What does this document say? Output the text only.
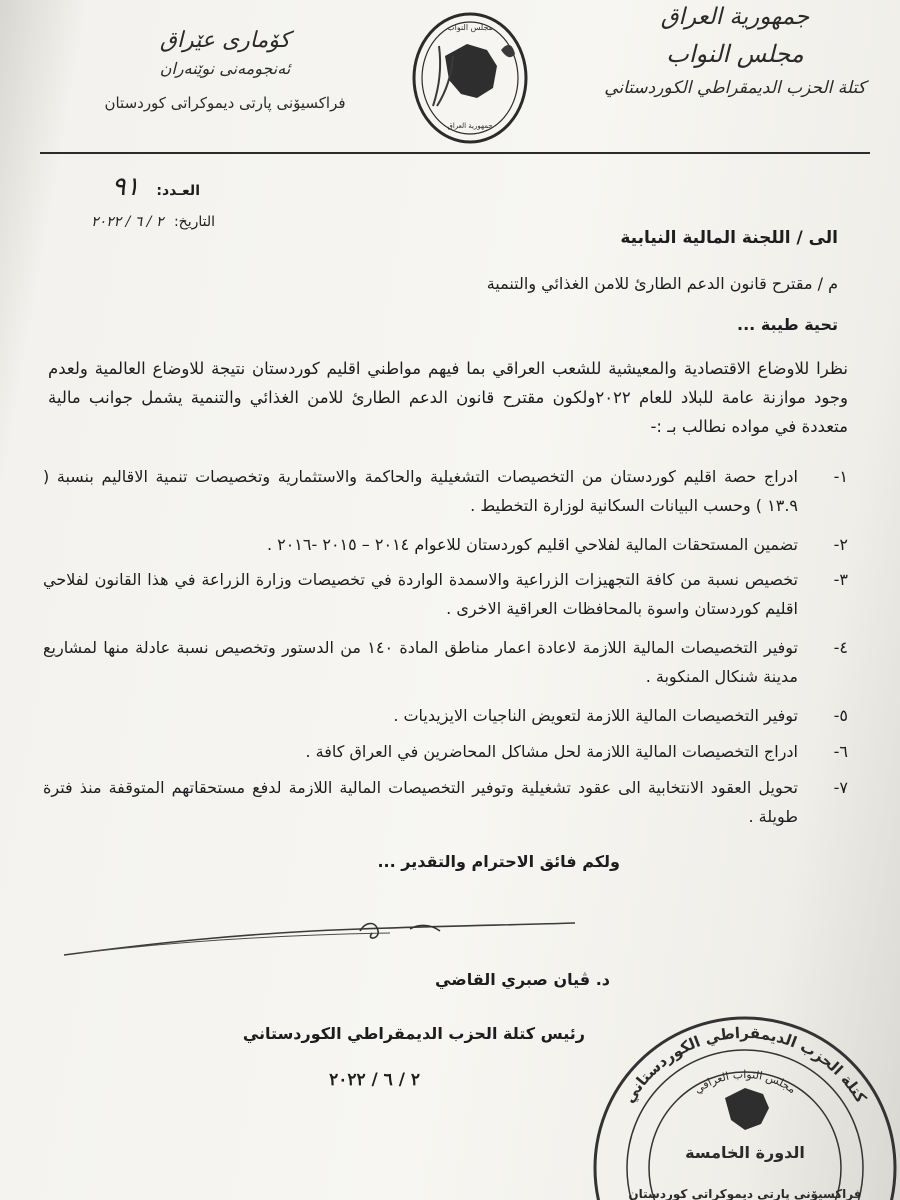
جمهورية العراق
مجلس النواب
كتلة الحزب الديمقراطي الكوردستاني
مجلس النواب
جمهورية العراق
كۆماری عێراق
ئەنجومەنی نوێنەران
فراكسيۆنى پارتى ديموكراتى كوردستان
العـدد: ٩١
التاريخ: ٢ / ٦ / ٢٠٢٢
الى / اللجنة المالية النيابية
م / مقترح قانون الدعم الطارئ للامن الغذائي والتنمية
تحية طيبة ...
نظرا للاوضاع الاقتصادية والمعيشية للشعب العراقي بما فيهم مواطني اقليم كوردستان نتيجة للاوضاع العالمية ولعدم وجود موازنة عامة للبلاد للعام ٢٠٢٢ولكون مقترح قانون الدعم الطارئ للامن الغذائي والتنمية يشمل جوانب مالية متعددة في مواده نطالب بـ :-
١-
ادراج حصة اقليم كوردستان من التخصيصات التشغيلية والحاكمة والاستثمارية وتخصيصات تنمية الاقاليم بنسبة ( ١٣.٩ ) وحسب البيانات السكانية لوزارة التخطيط .
٢-
تضمين المستحقات المالية لفلاحي اقليم كوردستان للاعوام ٢٠١٤ – ٢٠١٥ -٢٠١٦ .
٣-
تخصيص نسبة من كافة التجهيزات الزراعية والاسمدة الواردة في تخصيصات وزارة الزراعة في هذا القانون لفلاحي اقليم كوردستان واسوة بالمحافظات العراقية الاخرى .
٤-
توفير التخصيصات المالية اللازمة لاعادة اعمار مناطق المادة ١٤٠ من الدستور وتخصيص نسبة عادلة منها لمشاريع مدينة شنكال المنكوبة .
٥-
توفير التخصيصات المالية اللازمة لتعويض الناجيات الايزيديات .
٦-
ادراج التخصيصات المالية اللازمة لحل مشاكل المحاضرين في العراق كافة .
٧-
تحويل العقود الانتخابية الى عقود تشغيلية وتوفير التخصيصات المالية اللازمة لدفع مستحقاتهم المتوقفة منذ فترة طويلة .
ولكم فائق الاحترام والتقدير ...
د. ڤيان صبري القاضي
رئيس كتلة الحزب الديمقراطي الكوردستاني
٢ / ٦ / ٢٠٢٢
كتلة الحزب الديمقراطي الكوردستاني
مجلس النواب العراقي
الدورة الخامسة
فراكسيۆنى پارتى ديموكراتى كوردستان
